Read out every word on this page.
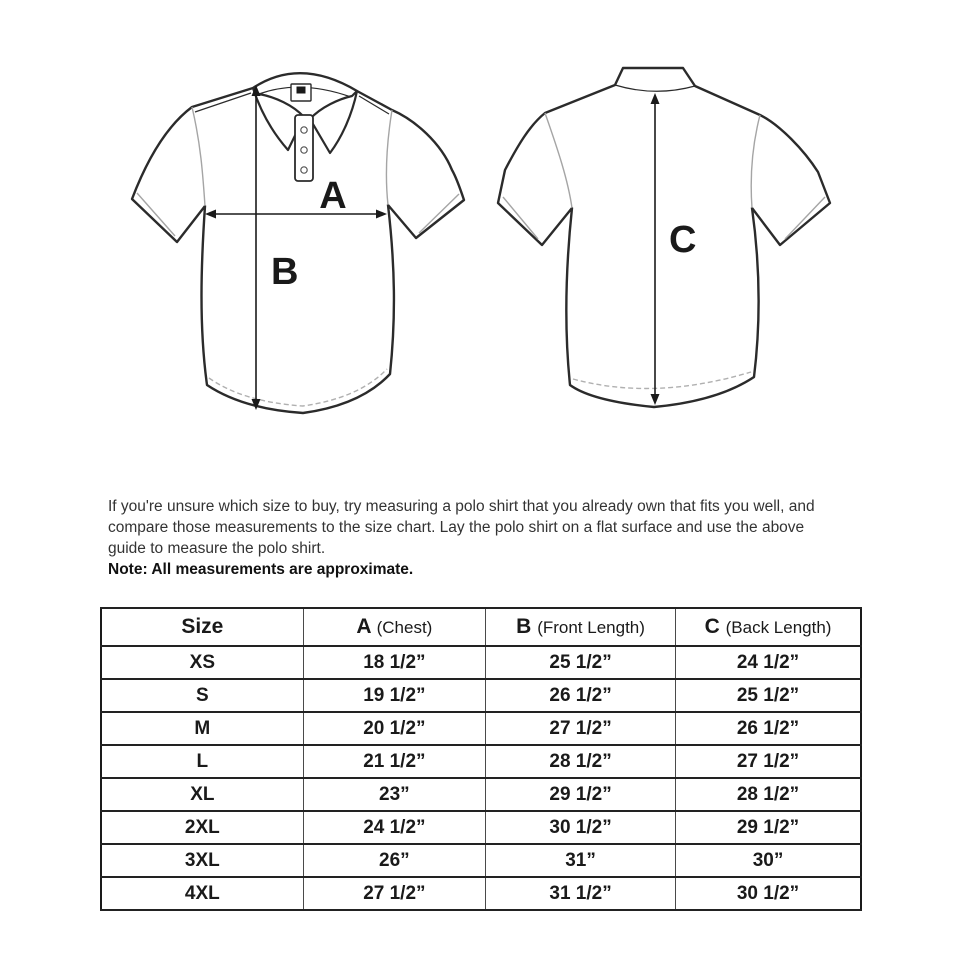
A
B
C
If you're unsure which size to buy, try measuring a polo shirt that you already own that fits you well, and
compare those measurements to the size chart. Lay the polo shirt on a flat surface and use the above
guide to measure the polo shirt.
Note: All measurements are approximate.
Size	A (Chest)	B (Front Length)	C (Back Length)
XS	18 1/2”	25 1/2”	24 1/2”
S	19 1/2”	26 1/2”	25 1/2”
M	20 1/2”	27 1/2”	26 1/2”
L	21 1/2”	28 1/2”	27 1/2”
XL	23”	29 1/2”	28 1/2”
2XL	24 1/2”	30 1/2”	29 1/2”
3XL	26”	31”	30”
4XL	27 1/2”	31 1/2”	30 1/2”
